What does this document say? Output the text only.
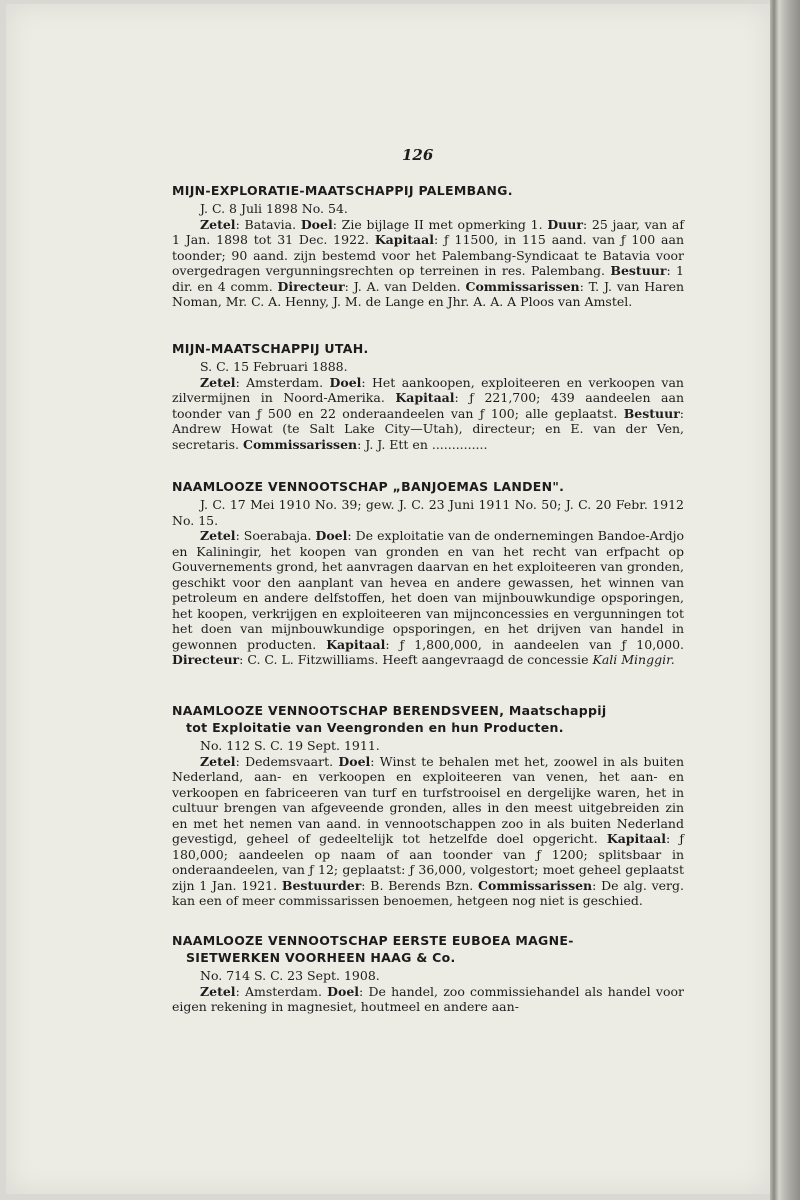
126
MIJN-EXPLORATIE-MAATSCHAPPIJ PALEMBANG.

J. C. 8 Juli 1898 No. 54.

Zetel: Batavia. Doel: Zie bijlage II met opmerking 1. Duur: 25 jaar, van af 1 Jan. 1898 tot 31 Dec. 1922. Kapitaal: ƒ 11500, in 115 aand. van ƒ 100 aan toonder; 90 aand. zijn bestemd voor het Palembang-Syndicaat te Batavia voor overgedragen vergunningsrechten op terreinen in res. Palembang. Bestuur: 1 dir. en 4 comm. Directeur: J. A. van Delden. Commissarissen: T. J. van Haren Noman, Mr. C. A. Henny, J. M. de Lange en Jhr. A. A. A Ploos van Amstel.

MIJN-MAATSCHAPPIJ UTAH.

S. C. 15 Februari 1888.

Zetel: Amsterdam. Doel: Het aankoopen, exploiteeren en verkoopen van zilvermijnen in Noord-Amerika. Kapitaal: ƒ 221,700; 439 aandeelen aan toonder van ƒ 500 en 22 onderaandeelen van ƒ 100; alle geplaatst. Bestuur: Andrew Howat (te Salt Lake City—Utah), directeur; en E. van der Ven, secretaris. Commissarissen: J. J. Ett en ..............

NAAMLOOZE VENNOOTSCHAP „BANJOEMAS LANDEN".

J. C. 17 Mei 1910 No. 39; gew. J. C. 23 Juni 1911 No. 50; J. C. 20 Febr. 1912 No. 15.

Zetel: Soerabaja. Doel: De exploitatie van de ondernemingen Bandoe-Ardjo en Kaliningir, het koopen van gronden en van het recht van erfpacht op Gouvernements grond, het aanvragen daarvan en het exploiteeren van gronden, geschikt voor den aanplant van hevea en andere gewassen, het winnen van petroleum en andere delfstoffen, het doen van mijnbouwkundige opsporingen, het koopen, verkrijgen en exploiteeren van mijnconcessies en vergunningen tot het doen van mijnbouwkundige opsporingen, en het drijven van handel in gewonnen producten. Kapitaal: ƒ 1,800,000, in aandeelen van ƒ 10,000. Directeur: C. C. L. Fitzwilliams. Heeft aangevraagd de concessie Kali Minggir.

NAAMLOOZE VENNOOTSCHAP BERENDSVEEN, Maatschappij
tot Exploitatie van Veengronden en hun Producten.

No. 112 S. C. 19 Sept. 1911.

Zetel: Dedemsvaart. Doel: Winst te behalen met het, zoowel in als buiten Nederland, aan- en verkoopen en exploiteeren van venen, het aan- en verkoopen en fabriceeren van turf en turfstrooisel en dergelijke waren, het in cultuur brengen van afgeveende gronden, alles in den meest uitgebreiden zin en met het nemen van aand. in vennootschappen zoo in als buiten Nederland gevestigd, geheel of gedeeltelijk tot hetzelfde doel opgericht. Kapitaal: ƒ 180,000; aandeelen op naam of aan toonder van ƒ 1200; splitsbaar in onderaandeelen, van ƒ 12; geplaatst: ƒ 36,000, volgestort; moet geheel geplaatst zijn 1 Jan. 1921. Bestuurder: B. Berends Bzn. Commissarissen: De alg. verg. kan een of meer commissarissen benoemen, hetgeen nog niet is geschied.

NAAMLOOZE VENNOOTSCHAP EERSTE EUBOEA MAGNE-
SIETWERKEN VOORHEEN HAAG & Co.

No. 714 S. C. 23 Sept. 1908.

Zetel: Amsterdam. Doel: De handel, zoo commissiehandel als handel voor eigen rekening in magnesiet, houtmeel en andere aan-
